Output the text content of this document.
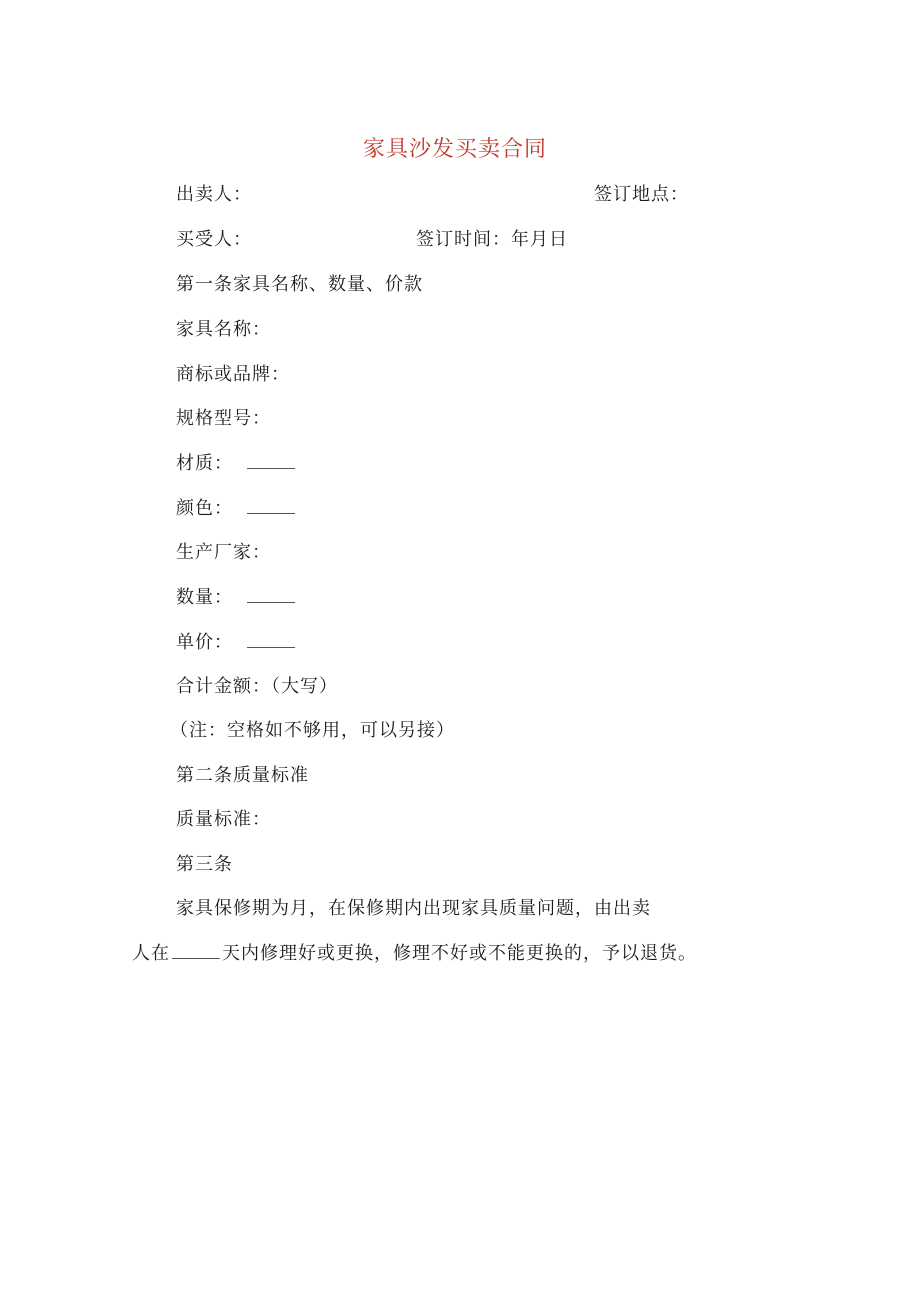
家具沙发买卖合同
出卖人：	签订地点：
买受人：	签订时间：年月日
第一条家具名称、数量、价款
家具名称：
商标或品牌：
规格型号：
材质：
颜色：
生产厂家：
数量：
单价：
合计金额：（大写）
（注：空格如不够用，可以另接）
第二条质量标准
质量标准：
第三条
家具保修期为月，在保修期内出现家具质量问题，由出卖
人在	天内修理好或更换，修理不好或不能更换的，予以退货。
